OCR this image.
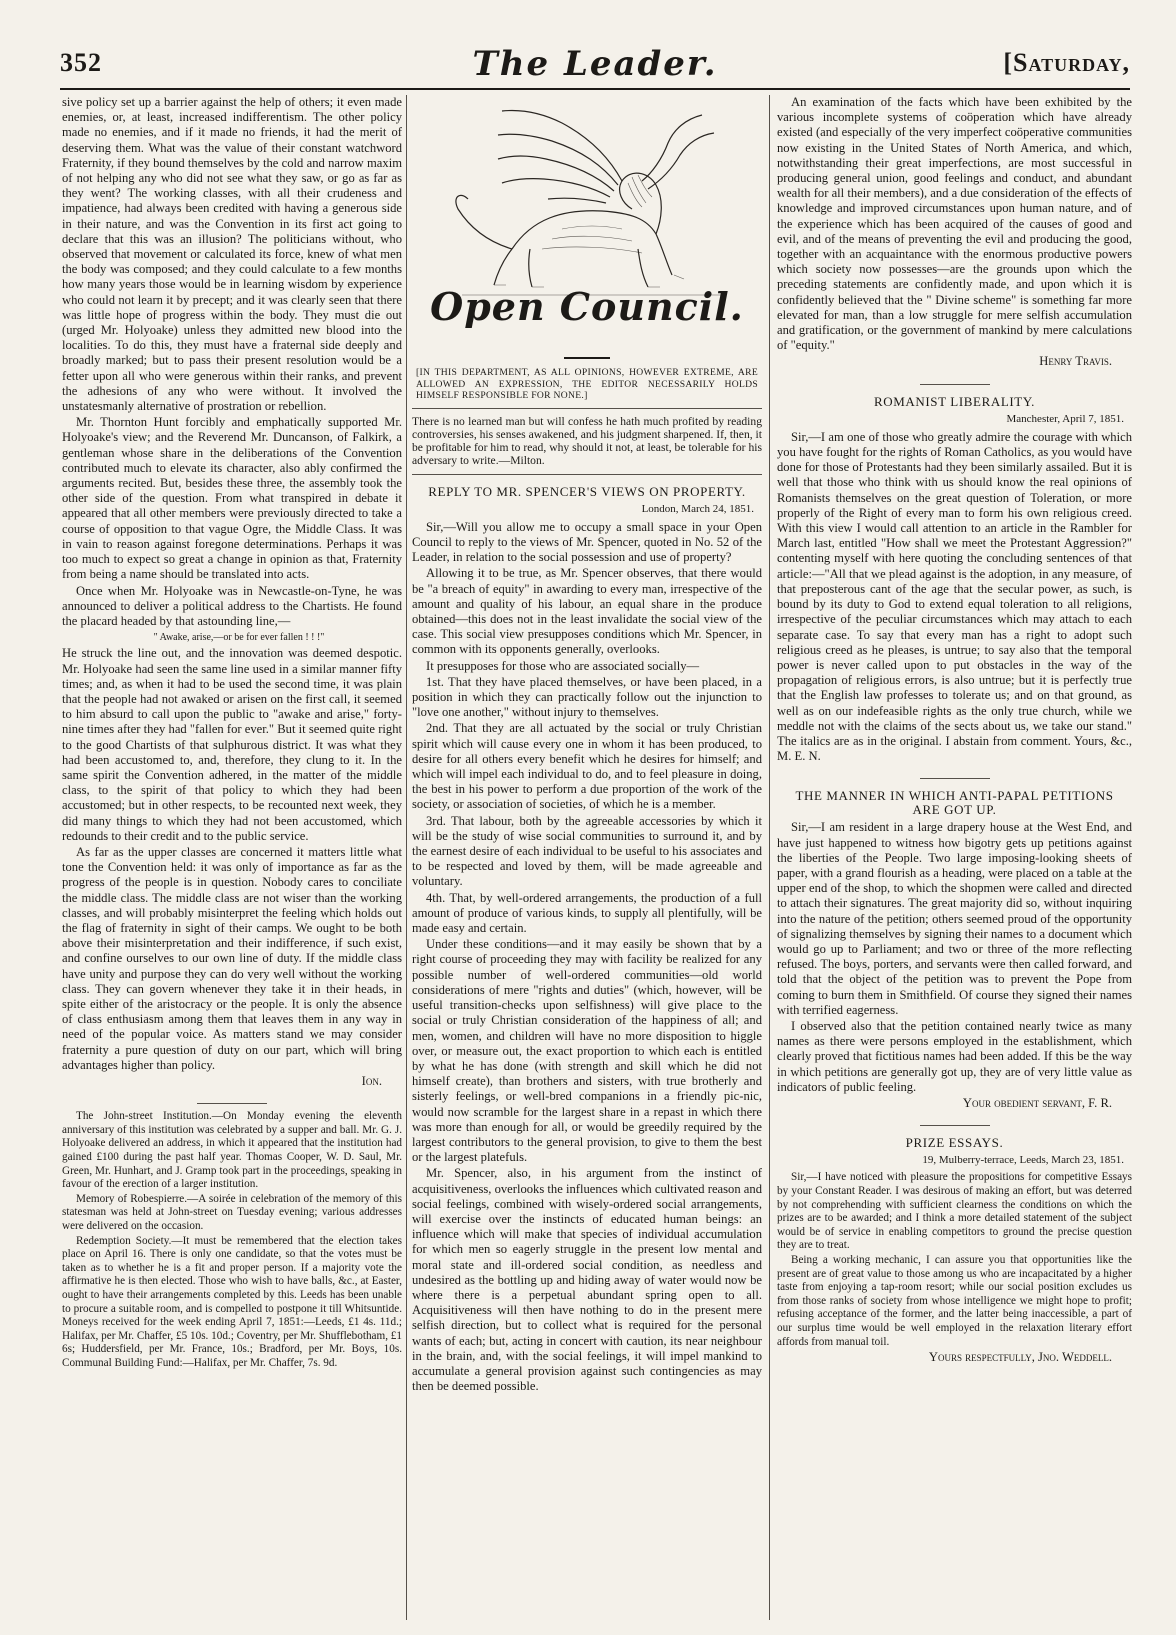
352	The Leader.	[Saturday,

sive policy set up a barrier against the help of others; it even made enemies, or, at least, increased indifferentism. The other policy made no enemies, and if it made no friends, it had the merit of deserving them. What was the value of their constant watchword Fraternity, if they bound themselves by the cold and narrow maxim of not helping any who did not see what they saw, or go as far as they went? The working classes, with all their crudeness and impatience, had always been credited with having a generous side in their nature, and was the Convention in its first act going to declare that this was an illusion? The politicians without, who observed that movement or calculated its force, knew of what men the body was composed; and they could calculate to a few months how many years those would be in learning wisdom by experience who could not learn it by precept; and it was clearly seen that there was little hope of progress within the body. They must die out (urged Mr. Holyoake) unless they admitted new blood into the localities. To do this, they must have a fraternal side deeply and broadly marked; but to pass their present resolution would be a fetter upon all who were generous within their ranks, and prevent the adhesions of any who were without. It involved the unstatesmanly alternative of prostration or rebellion.

Mr. Thornton Hunt forcibly and emphatically supported Mr. Holyoake's view; and the Reverend Mr. Duncanson, of Falkirk, a gentleman whose share in the deliberations of the Convention contributed much to elevate its character, also ably confirmed the arguments recited. But, besides these three, the assembly took the other side of the question. From what transpired in debate it appeared that all other members were previously directed to take a course of opposition to that vague Ogre, the Middle Class. It was in vain to reason against foregone determinations. Perhaps it was too much to expect so great a change in opinion as that, Fraternity from being a name should be translated into acts.

Once when Mr. Holyoake was in Newcastle-on-Tyne, he was announced to deliver a political address to the Chartists. He found the placard headed by that astounding line,—

" Awake, arise,—or be for ever fallen ! ! !"

He struck the line out, and the innovation was deemed despotic. Mr. Holyoake had seen the same line used in a similar manner fifty times; and, as when it had to be used the second time, it was plain that the people had not awaked or arisen on the first call, it seemed to him absurd to call upon the public to "awake and arise," forty-nine times after they had "fallen for ever." But it seemed quite right to the good Chartists of that sulphurous district. It was what they had been accustomed to, and, therefore, they clung to it. In the same spirit the Convention adhered, in the matter of the middle class, to the spirit of that policy to which they had been accustomed; but in other respects, to be recounted next week, they did many things to which they had not been accustomed, which redounds to their credit and to the public service.

As far as the upper classes are concerned it matters little what tone the Convention held: it was only of importance as far as the progress of the people is in question. Nobody cares to conciliate the middle class. The middle class are not wiser than the working classes, and will probably misinterpret the feeling which holds out the flag of fraternity in sight of their camps. We ought to be both above their misinterpretation and their indifference, if such exist, and confine ourselves to our own line of duty. If the middle class have unity and purpose they can do very well without the working class. They can govern whenever they take it in their heads, in spite either of the aristocracy or the people. It is only the absence of class enthusiasm among them that leaves them in any way in need of the popular voice. As matters stand we may consider fraternity a pure question of duty on our part, which will bring advantages higher than policy.

Ion.

The John-street Institution.—On Monday evening the eleventh anniversary of this institution was celebrated by a supper and ball. Mr. G. J. Holyoake delivered an address, in which it appeared that the institution had gained £100 during the past half year. Thomas Cooper, W. D. Saul, Mr. Green, Mr. Hunhart, and J. Gramp took part in the proceedings, speaking in favour of the erection of a larger institution.

Memory of Robespierre.—A soirée in celebration of the memory of this statesman was held at John-street on Tuesday evening; various addresses were delivered on the occasion.

Redemption Society.—It must be remembered that the election takes place on April 16. There is only one candidate, so that the votes must be taken as to whether he is a fit and proper person. If a majority vote the affirmative he is then elected. Those who wish to have balls, &c., at Easter, ought to have their arrangements completed by this. Leeds has been unable to procure a suitable room, and is compelled to postpone it till Whitsuntide. Moneys received for the week ending April 7, 1851:—Leeds, £1 4s. 11d.; Halifax, per Mr. Chaffer, £5 10s. 10d.; Coventry, per Mr. Shufflebotham, £1 6s; Huddersfield, per Mr. France, 10s.; Bradford, per Mr. Boys, 10s. Communal Building Fund:—Halifax, per Mr. Chaffer, 7s. 9d.

Open Council.
[IN THIS DEPARTMENT, AS ALL OPINIONS, HOWEVER EXTREME, ARE ALLOWED AN EXPRESSION, THE EDITOR NECESSARILY HOLDS HIMSELF RESPONSIBLE FOR NONE.]
There is no learned man but will confess he hath much profited by reading controversies, his senses awakened, and his judgment sharpened. If, then, it be profitable for him to read, why should it not, at least, be tolerable for his adversary to write.—Milton.
REPLY TO MR. SPENCER'S VIEWS ON PROPERTY.
London, March 24, 1851.

Sir,—Will you allow me to occupy a small space in your Open Council to reply to the views of Mr. Spencer, quoted in No. 52 of the Leader, in relation to the social possession and use of property?

Allowing it to be true, as Mr. Spencer observes, that there would be "a breach of equity" in awarding to every man, irrespective of the amount and quality of his labour, an equal share in the produce obtained—this does not in the least invalidate the social view of the case. This social view presupposes conditions which Mr. Spencer, in common with its opponents generally, overlooks.

It presupposes for those who are associated socially—

1st. That they have placed themselves, or have been placed, in a position in which they can practically follow out the injunction to "love one another," without injury to themselves.

2nd. That they are all actuated by the social or truly Christian spirit which will cause every one in whom it has been produced, to desire for all others every benefit which he desires for himself; and which will impel each individual to do, and to feel pleasure in doing, the best in his power to perform a due proportion of the work of the society, or association of societies, of which he is a member.

3rd. That labour, both by the agreeable accessories by which it will be the study of wise social communities to surround it, and by the earnest desire of each individual to be useful to his associates and to be respected and loved by them, will be made agreeable and voluntary.

4th. That, by well-ordered arrangements, the production of a full amount of produce of various kinds, to supply all plentifully, will be made easy and certain.

Under these conditions—and it may easily be shown that by a right course of proceeding they may with facility be realized for any possible number of well-ordered communities—old world considerations of mere "rights and duties" (which, however, will be useful transition-checks upon selfishness) will give place to the social or truly Christian consideration of the happiness of all; and men, women, and children will have no more disposition to higgle over, or measure out, the exact proportion to which each is entitled by what he has done (with strength and skill which he did not himself create), than brothers and sisters, with true brotherly and sisterly feelings, or well-bred companions in a friendly pic-nic, would now scramble for the largest share in a repast in which there was more than enough for all, or would be greedily required by the largest contributors to the general provision, to give to them the best or the largest platefuls.

Mr. Spencer, also, in his argument from the instinct of acquisitiveness, overlooks the influences which cultivated reason and social feelings, combined with wisely-ordered social arrangements, will exercise over the instincts of educated human beings: an influence which will make that species of individual accumulation for which men so eagerly struggle in the present low mental and moral state and ill-ordered social condition, as needless and undesired as the bottling up and hiding away of water would now be where there is a perpetual abundant spring open to all. Acquisitiveness will then have nothing to do in the present mere selfish direction, but to collect what is required for the personal wants of each; but, acting in concert with caution, its near neighbour in the brain, and, with the social feelings, it will impel mankind to accumulate a general provision against such contingencies as may then be deemed possible.

An examination of the facts which have been exhibited by the various incomplete systems of coöperation which have already existed (and especially of the very imperfect coöperative communities now existing in the United States of North America, and which, notwithstanding their great imperfections, are most successful in producing general union, good feelings and conduct, and abundant wealth for all their members), and a due consideration of the effects of knowledge and improved circumstances upon human nature, and of the experience which has been acquired of the causes of good and evil, and of the means of preventing the evil and producing the good, together with an acquaintance with the enormous productive powers which society now possesses—are the grounds upon which the preceding statements are confidently made, and upon which it is confidently believed that the " Divine scheme" is something far more elevated for man, than a low struggle for mere selfish accumulation and gratification, or the government of mankind by mere calculations of "equity."

Henry Travis.

ROMANIST LIBERALITY.
Manchester, April 7, 1851.

Sir,—I am one of those who greatly admire the courage with which you have fought for the rights of Roman Catholics, as you would have done for those of Protestants had they been similarly assailed. But it is well that those who think with us should know the real opinions of Romanists themselves on the great question of Toleration, or more properly of the Right of every man to form his own religious creed. With this view I would call attention to an article in the Rambler for March last, entitled "How shall we meet the Protestant Aggression?" contenting myself with here quoting the concluding sentences of that article:—"All that we plead against is the adoption, in any measure, of that preposterous cant of the age that the secular power, as such, is bound by its duty to God to extend equal toleration to all religions, irrespective of the peculiar circumstances which may attach to each separate case. To say that every man has a right to adopt such religious creed as he pleases, is untrue; to say also that the temporal power is never called upon to put obstacles in the way of the propagation of religious errors, is also untrue; but it is perfectly true that the English law professes to tolerate us; and on that ground, as well as on our indefeasible rights as the only true church, while we meddle not with the claims of the sects about us, we take our stand." The italics are as in the original. I abstain from comment. Yours, &c., M. E. N.

THE MANNER IN WHICH ANTI-PAPAL PETITIONS ARE GOT UP.

Sir,—I am resident in a large drapery house at the West End, and have just happened to witness how bigotry gets up petitions against the liberties of the People. Two large imposing-looking sheets of paper, with a grand flourish as a heading, were placed on a table at the upper end of the shop, to which the shopmen were called and directed to attach their signatures. The great majority did so, without inquiring into the nature of the petition; others seemed proud of the opportunity of signalizing themselves by signing their names to a document which would go up to Parliament; and two or three of the more reflecting refused. The boys, porters, and servants were then called forward, and told that the object of the petition was to prevent the Pope from coming to burn them in Smithfield. Of course they signed their names with terrified eagerness.

I observed also that the petition contained nearly twice as many names as there were persons employed in the establishment, which clearly proved that fictitious names had been added. If this be the way in which petitions are generally got up, they are of very little value as indicators of public feeling.

Your obedient servant, F. R.

PRIZE ESSAYS.
19, Mulberry-terrace, Leeds, March 23, 1851.

Sir,—I have noticed with pleasure the propositions for competitive Essays by your Constant Reader. I was desirous of making an effort, but was deterred by not comprehending with sufficient clearness the conditions on which the prizes are to be awarded; and I think a more detailed statement of the subject would be of service in enabling competitors to ground the precise question they are to treat.

Being a working mechanic, I can assure you that opportunities like the present are of great value to those among us who are incapacitated by a higher taste from enjoying a tap-room resort; while our social position excludes us from those ranks of society from whose intelligence we might hope to profit; refusing acceptance of the former, and the latter being inaccessible, a part of our surplus time would be well employed in the relaxation literary effort affords from manual toil.

Yours respectfully, Jno. Weddell.
